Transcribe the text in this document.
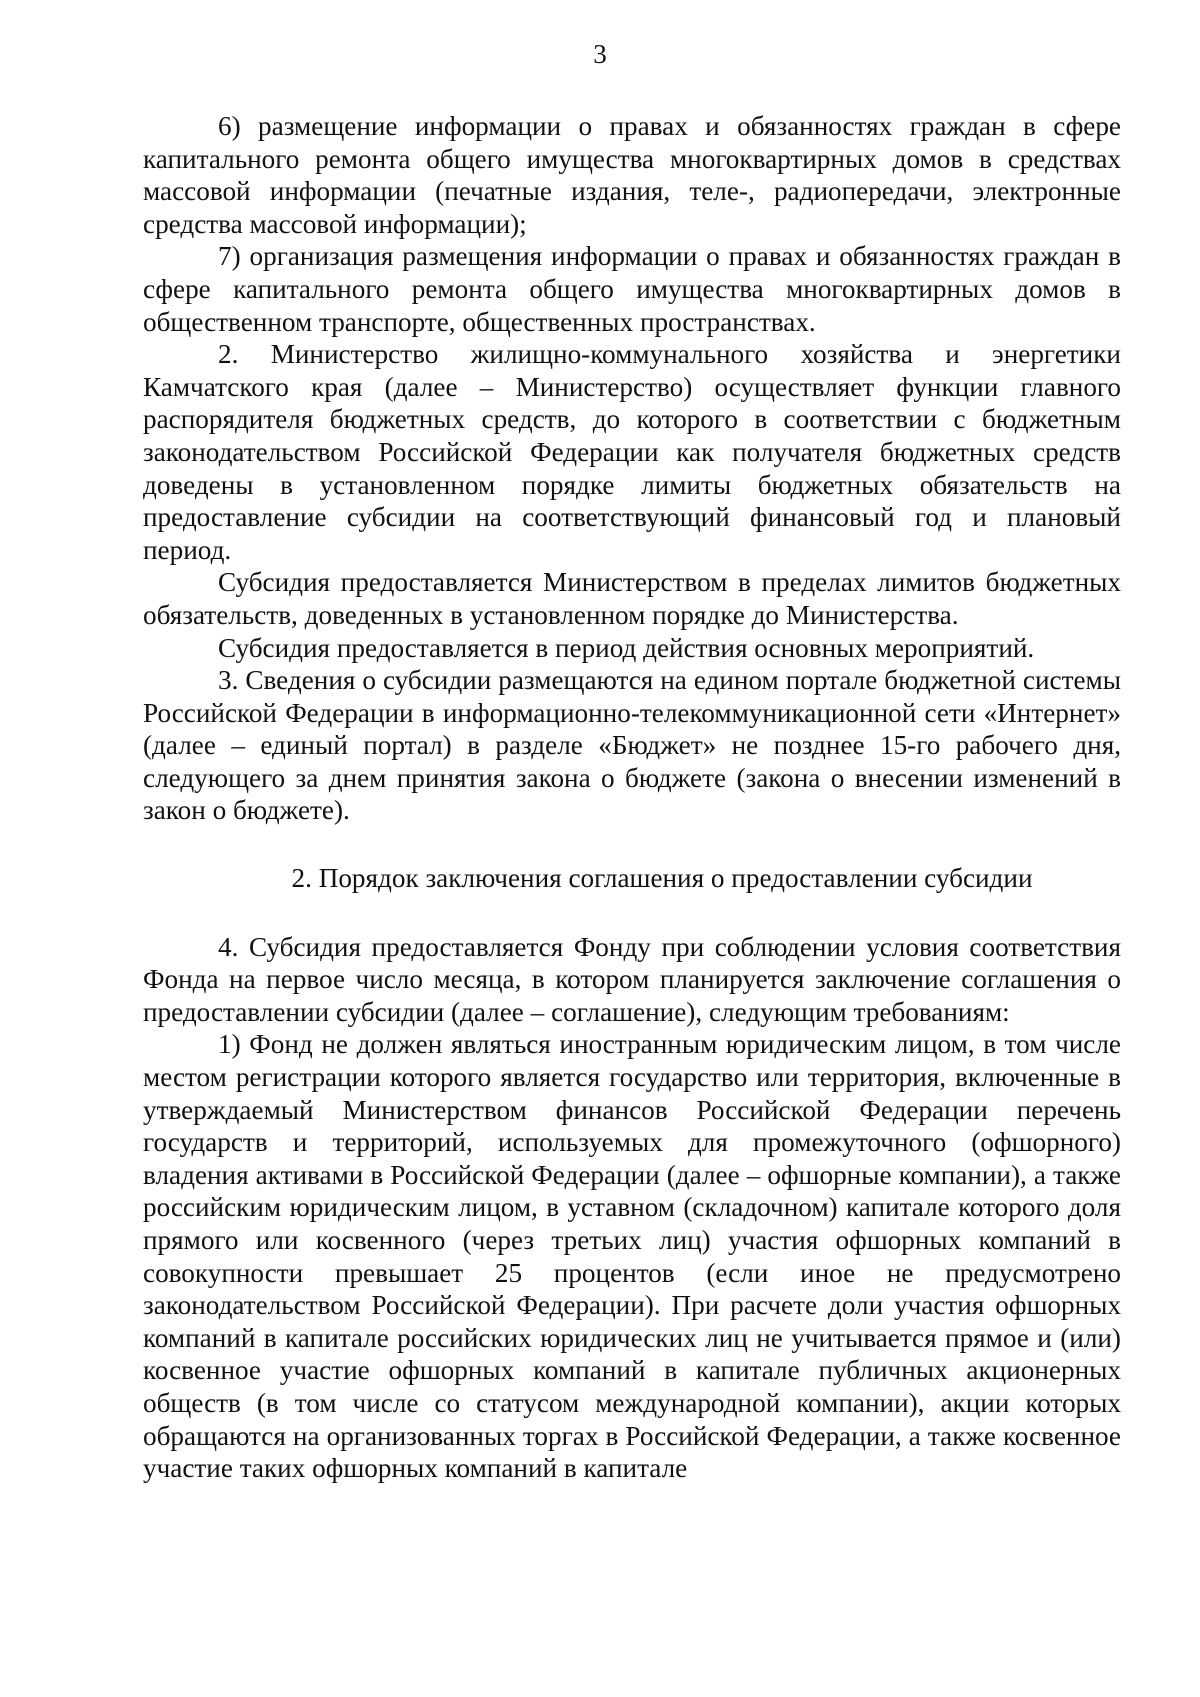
3

6) размещение информации о правах и обязанностях граждан в сфере капитального ремонта общего имущества многоквартирных домов в средствах массовой информации (печатные издания, теле-, радиопередачи, электронные средства массовой информации);

7) организация размещения информации о правах и обязанностях граждан в сфере капитального ремонта общего имущества многоквартирных домов в общественном транспорте, общественных пространствах.

2. Министерство жилищно-коммунального хозяйства и энергетики Камчатского края (далее – Министерство) осуществляет функции главного распорядителя бюджетных средств, до которого в соответствии с бюджетным законодательством Российской Федерации как получателя бюджетных средств доведены в установленном порядке лимиты бюджетных обязательств на предоставление субсидии на соответствующий финансовый год и плановый период.

Субсидия предоставляется Министерством в пределах лимитов бюджетных обязательств, доведенных в установленном порядке до Министерства.

Субсидия предоставляется в период действия основных мероприятий.

3. Сведения о субсидии размещаются на едином портале бюджетной системы Российской Федерации в информационно-телекоммуникационной сети «Интернет» (далее – единый портал) в разделе «Бюджет» не позднее 15-го рабочего дня, следующего за днем принятия закона о бюджете (закона о внесении изменений в закон о бюджете).

2. Порядок заключения соглашения о предоставлении субсидии

4. Субсидия предоставляется Фонду при соблюдении условия соответствия Фонда на первое число месяца, в котором планируется заключение соглашения о предоставлении субсидии (далее – соглашение), следующим требованиям:

1) Фонд не должен являться иностранным юридическим лицом, в том числе местом регистрации которого является государство или территория, включенные в утверждаемый Министерством финансов Российской Федерации перечень государств и территорий, используемых для промежуточного (офшорного) владения активами в Российской Федерации (далее – офшорные компании), а также российским юридическим лицом, в уставном (складочном) капитале которого доля прямого или косвенного (через третьих лиц) участия офшорных компаний в совокупности превышает 25 процентов (если иное не предусмотрено законодательством Российской Федерации). При расчете доли участия офшорных компаний в капитале российских юридических лиц не учитывается прямое и (или) косвенное участие офшорных компаний в капитале публичных акционерных обществ (в том числе со статусом международной компании), акции которых обращаются на организованных торгах в Российской Федерации, а также косвенное участие таких офшорных компаний в капитале
